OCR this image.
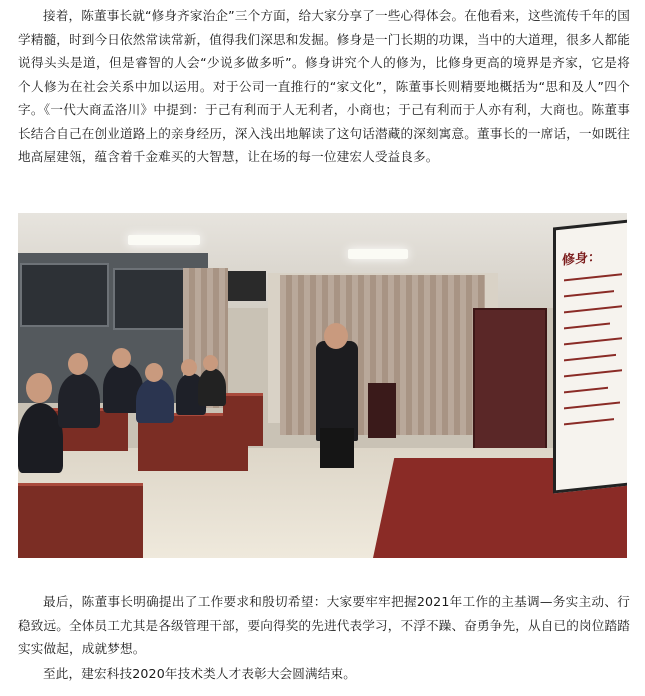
接着，陈董事长就“修身齐家治企”三个方面，给大家分享了一些心得体会。在他看来，这些流传千年的国学精髓，时到今日依然常读常新，值得我们深思和发掘。修身是一门长期的功课，当中的大道理，很多人都能说得头头是道，但是睿智的人会“少说多做多听”。修身讲究个人的修为，比修身更高的境界是齐家，它是将个人修为在社会关系中加以运用。对于公司一直推行的“家文化”，陈董事长则精要地概括为“思和及人”四个字。《一代大商孟洛川》中提到：于己有利而于人无利者，小商也；于己有利而于人亦有利，大商也。陈董事长结合自己在创业道路上的亲身经历，深入浅出地解读了这句话潜藏的深刻寓意。董事长的一席话，一如既往地高屋建瓴，蕴含着千金难买的大智慧，让在场的每一位建宏人受益良多。

修身：

最后，陈董事长明确提出了工作要求和殷切希望：大家要牢牢把握2021年工作的主基调—务实主动、行稳致远。全体员工尤其是各级管理干部，要向得奖的先进代表学习，不浮不躁、奋勇争先，从自已的岗位踏踏实实做起，成就梦想。

至此，建宏科技2020年技术类人才表彰大会圆满结束。
